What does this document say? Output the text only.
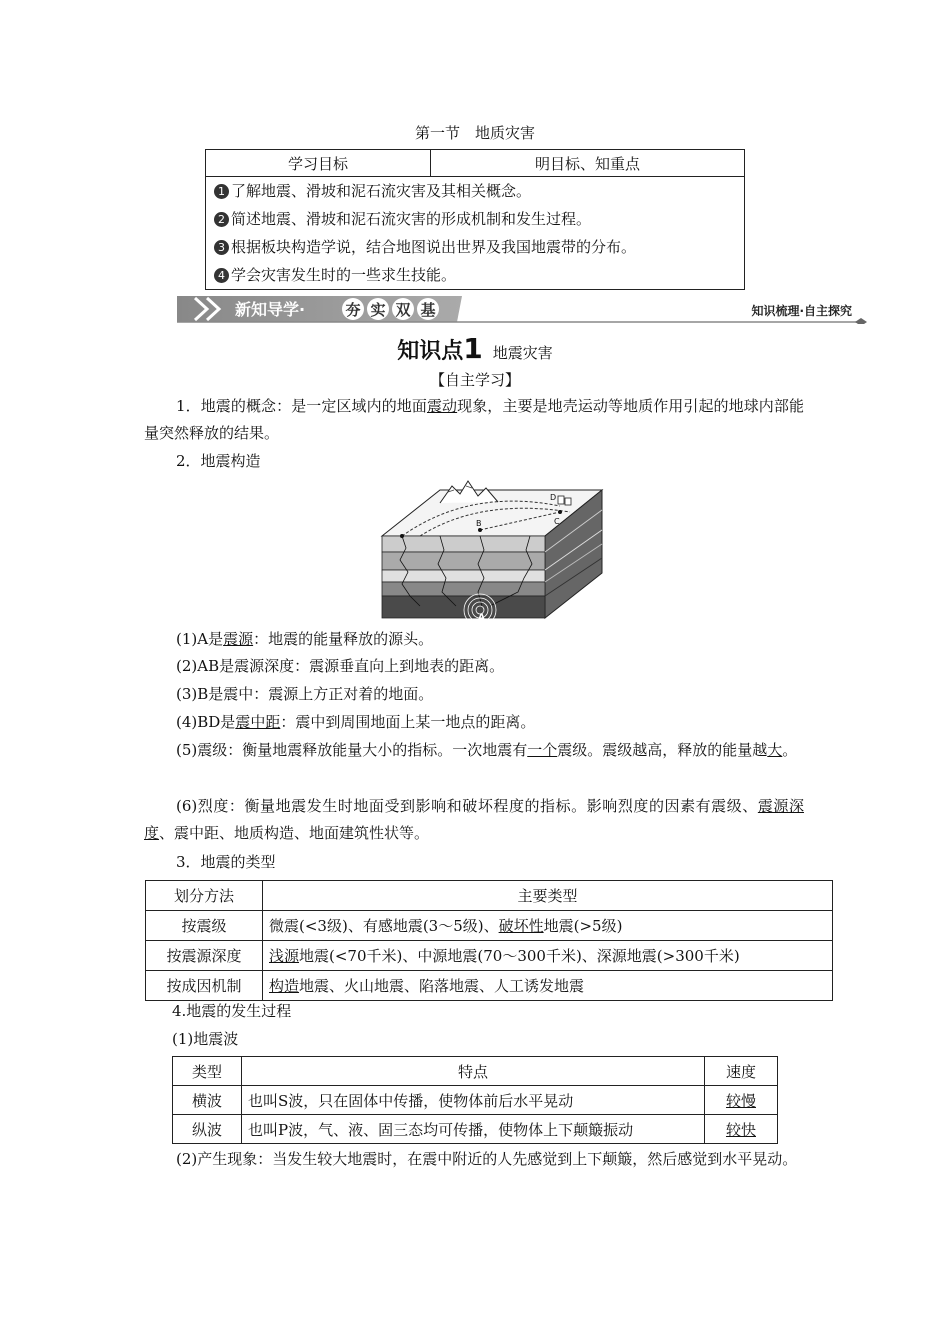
第一节　地质灾害
学习目标	明目标、知重点

1 了解地震、滑坡和泥石流灾害及其相关概念。
2 简述地震、滑坡和泥石流灾害的形成机制和发生过程。
3 根据板块构造学说，结合地图说出世界及我国地震带的分布。
4 学会灾害发生时的一些求生技能。
新知导学·	夯 实 双 基	知识梳理·自主探究
知识点1 地震灾害
【自主学习】
1．地震的概念：是一定区域内的地面震动现象，主要是地壳运动等地质作用引起的地球内部能量突然释放的结果。
2．地震构造
A
B	C
D
(1)A是震源：地震的能量释放的源头。
(2)AB是震源深度：震源垂直向上到地表的距离。
(3)B是震中：震源上方正对着的地面。
(4)BD是震中距：震中到周围地面上某一地点的距离。
(5)震级：衡量地震释放能量大小的指标。一次地震有一个震级。震级越高，释放的能量越大。
(6)烈度：衡量地震发生时地面受到影响和破坏程度的指标。影响烈度的因素有震级、震源深度、震中距、地质构造、地面建筑性状等。
3．地震的类型
划分方法	主要类型
按震级	微震(<3级)、有感地震(3～5级)、破坏性地震(>5级)
按震源深度	浅源地震(<70千米)、中源地震(70～300千米)、深源地震(>300千米)
按成因机制	构造地震、火山地震、陷落地震、人工诱发地震
4.地震的发生过程
(1)地震波
类型	特点	速度
横波	也叫S波，只在固体中传播，使物体前后水平晃动	较慢
纵波	也叫P波，气、液、固三态均可传播，使物体上下颠簸振动	较快
(2)产生现象：当发生较大地震时，在震中附近的人先感觉到上下颠簸，然后感觉到水平晃动。
